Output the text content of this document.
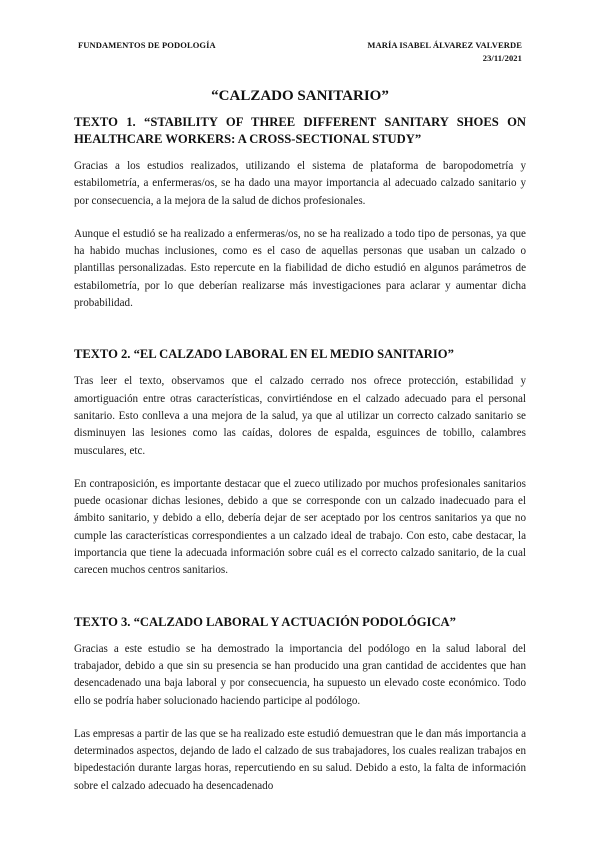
FUNDAMENTOS DE PODOLOGÍA	MARÍA ISABEL ÁLVAREZ VALVERDE
23/11/2021
“CALZADO SANITARIO”

TEXTO 1. “STABILITY OF THREE DIFFERENT SANITARY SHOES ON HEALTHCARE WORKERS: A CROSS-SECTIONAL STUDY”

Gracias a los estudios realizados, utilizando el sistema de plataforma de baropodometría y estabilometría, a enfermeras/os, se ha dado una mayor importancia al adecuado calzado sanitario y por consecuencia, a la mejora de la salud de dichos profesionales.

Aunque el estudió se ha realizado a enfermeras/os, no se ha realizado a todo tipo de personas, ya que ha habido muchas inclusiones, como es el caso de aquellas personas que usaban un calzado o plantillas personalizadas. Esto repercute en la fiabilidad de dicho estudió en algunos parámetros de estabilometría, por lo que deberían realizarse más investigaciones para aclarar y aumentar dicha probabilidad.

TEXTO 2. “EL CALZADO LABORAL EN EL MEDIO SANITARIO”

Tras leer el texto, observamos que el calzado cerrado nos ofrece protección, estabilidad y amortiguación entre otras características, convirtiéndose en el calzado adecuado para el personal sanitario. Esto conlleva a una mejora de la salud, ya que al utilizar un correcto calzado sanitario se disminuyen las lesiones como las caídas, dolores de espalda, esguinces de tobillo, calambres musculares, etc.

En contraposición, es importante destacar que el zueco utilizado por muchos profesionales sanitarios puede ocasionar dichas lesiones, debido a que se corresponde con un calzado inadecuado para el ámbito sanitario, y debido a ello, debería dejar de ser aceptado por los centros sanitarios ya que no cumple las características correspondientes a un calzado ideal de trabajo. Con esto, cabe destacar, la importancia que tiene la adecuada información sobre cuál es el correcto calzado sanitario, de la cual carecen muchos centros sanitarios.

TEXTO 3. “CALZADO LABORAL Y ACTUACIÓN PODOLÓGICA”

Gracias a este estudio se ha demostrado la importancia del podólogo en la salud laboral del trabajador, debido a que sin su presencia se han producido una gran cantidad de accidentes que han desencadenado una baja laboral y por consecuencia, ha supuesto un elevado coste económico. Todo ello se podría haber solucionado haciendo participe al podólogo.

Las empresas a partir de las que se ha realizado este estudió demuestran que le dan más importancia a determinados aspectos, dejando de lado el calzado de sus trabajadores, los cuales realizan trabajos en bipedestación durante largas horas, repercutiendo en su salud. Debido a esto, la falta de información sobre el calzado adecuado ha desencadenado
